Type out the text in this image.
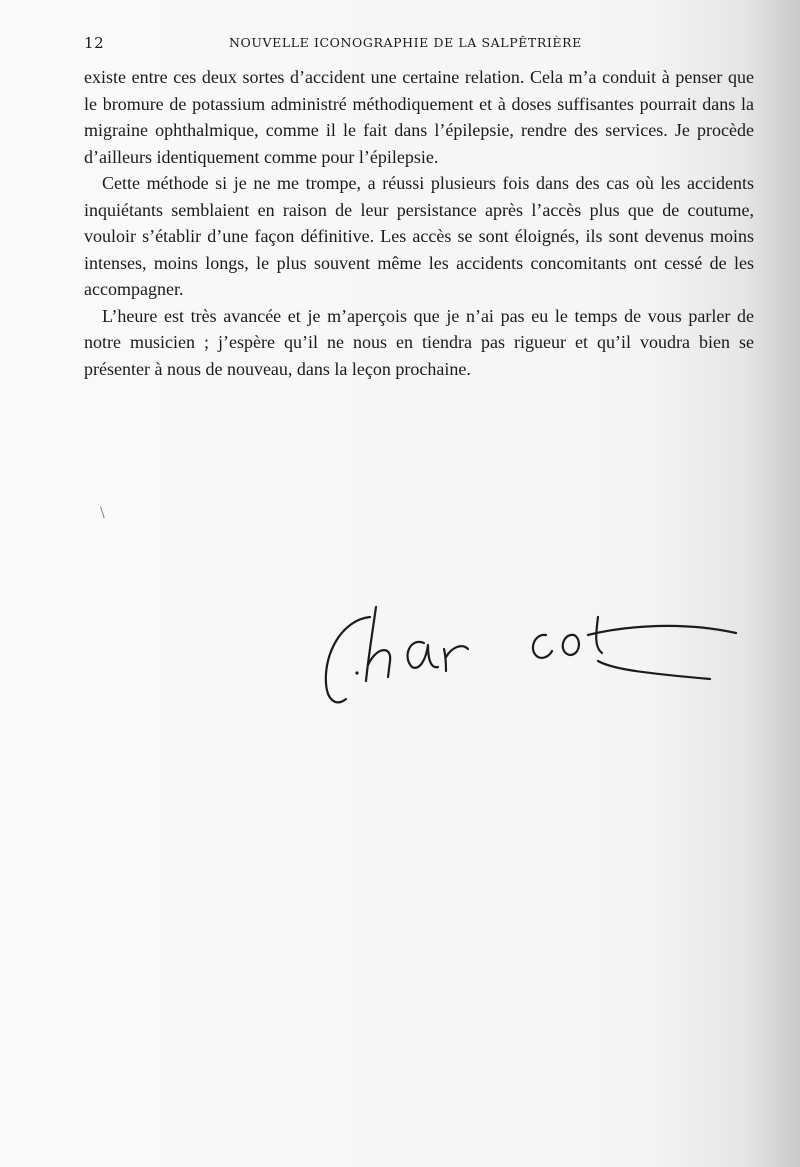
12	NOUVELLE ICONOGRAPHIE DE LA SALPÊTRIÈRE

existe entre ces deux sortes d’accident une certaine relation. Cela m’a conduit à penser que le bromure de potassium administré méthodiquement et à doses suffisantes pourrait dans la migraine ophthalmique, comme il le fait dans l’épilepsie, rendre des services. Je procède d’ailleurs identiquement comme pour l’épilepsie.

Cette méthode si je ne me trompe, a réussi plusieurs fois dans des cas où les accidents inquiétants semblaient en raison de leur persistance après l’accès plus que de coutume, vouloir s’établir d’une façon définitive. Les accès se sont éloignés, ils sont devenus moins intenses, moins longs, le plus souvent même les accidents concomitants ont cessé de les accompagner.

L’heure est très avancée et je m’aperçois que je n’ai pas eu le temps de vous parler de notre musicien ; j’espère qu’il ne nous en tiendra pas rigueur et qu’il voudra bien se présenter à nous de nouveau, dans la leçon prochaine.

\
